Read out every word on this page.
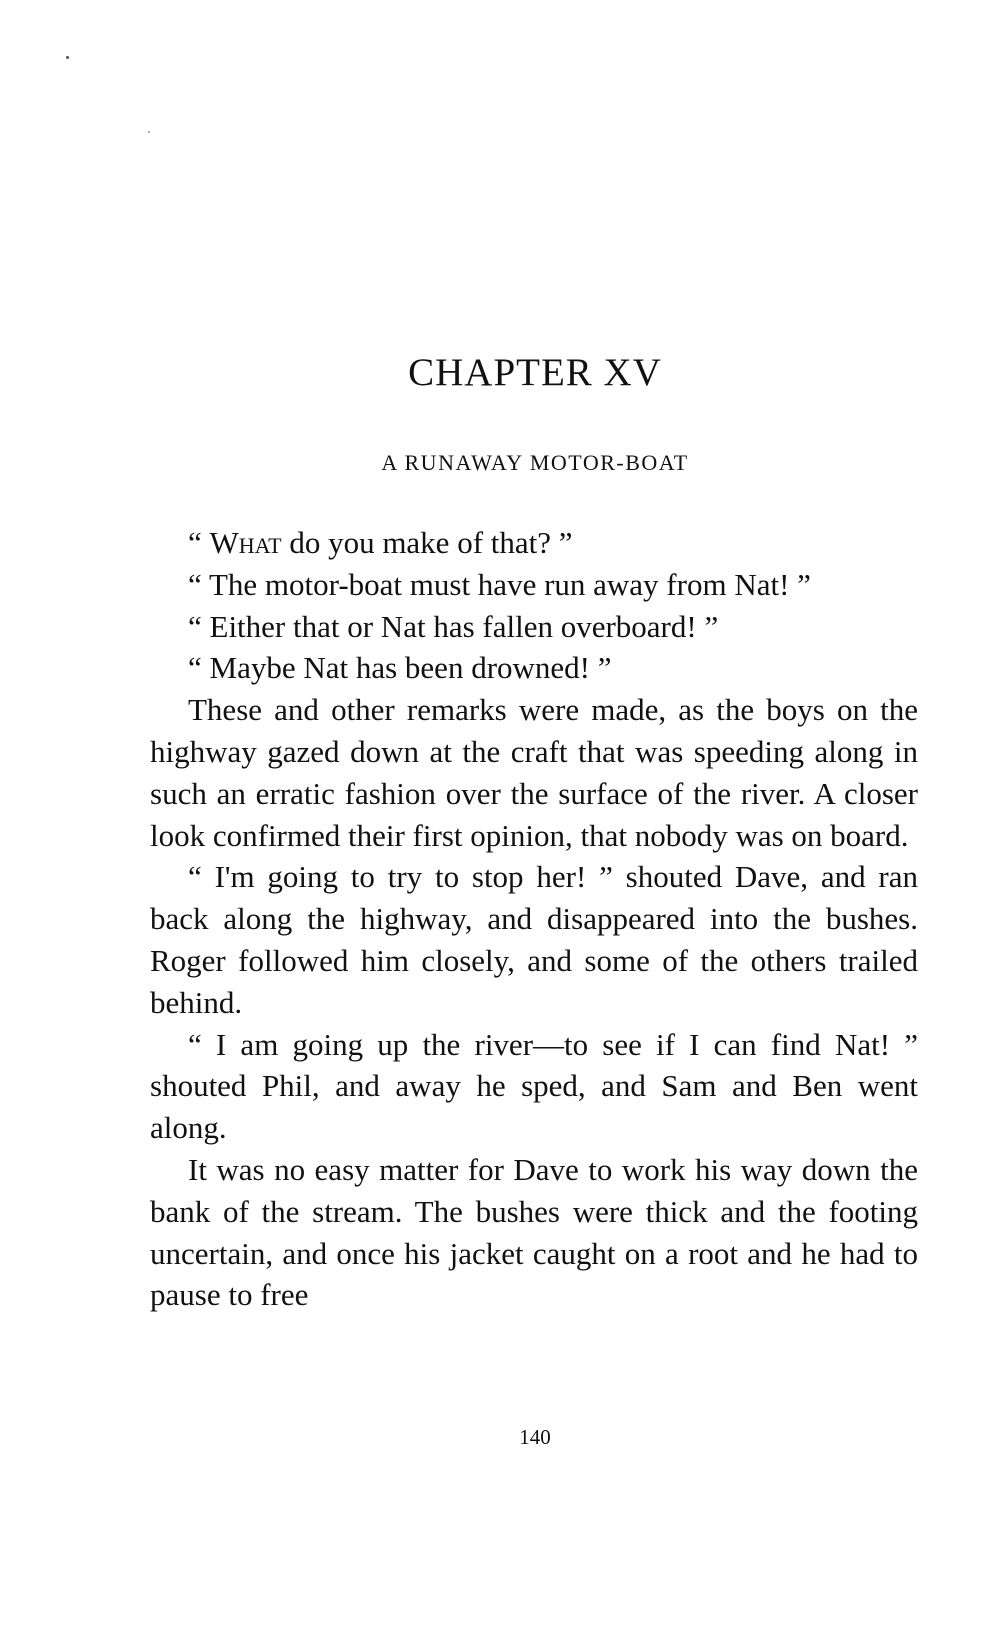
CHAPTER XV
A RUNAWAY MOTOR-BOAT

“ What do you make of that? ”

“ The motor-boat must have run away from Nat! ”

“ Either that or Nat has fallen overboard! ”

“ Maybe Nat has been drowned! ”

These and other remarks were made, as the boys on the highway gazed down at the craft that was speeding along in such an erratic fashion over the surface of the river. A closer look confirmed their first opinion, that nobody was on board.

“ I'm going to try to stop her! ” shouted Dave, and ran back along the highway, and disappeared into the bushes. Roger followed him closely, and some of the others trailed behind.

“ I am going up the river—to see if I can find Nat! ” shouted Phil, and away he sped, and Sam and Ben went along.

It was no easy matter for Dave to work his way down the bank of the stream. The bushes were thick and the footing uncertain, and once his jacket caught on a root and he had to pause to free

140
